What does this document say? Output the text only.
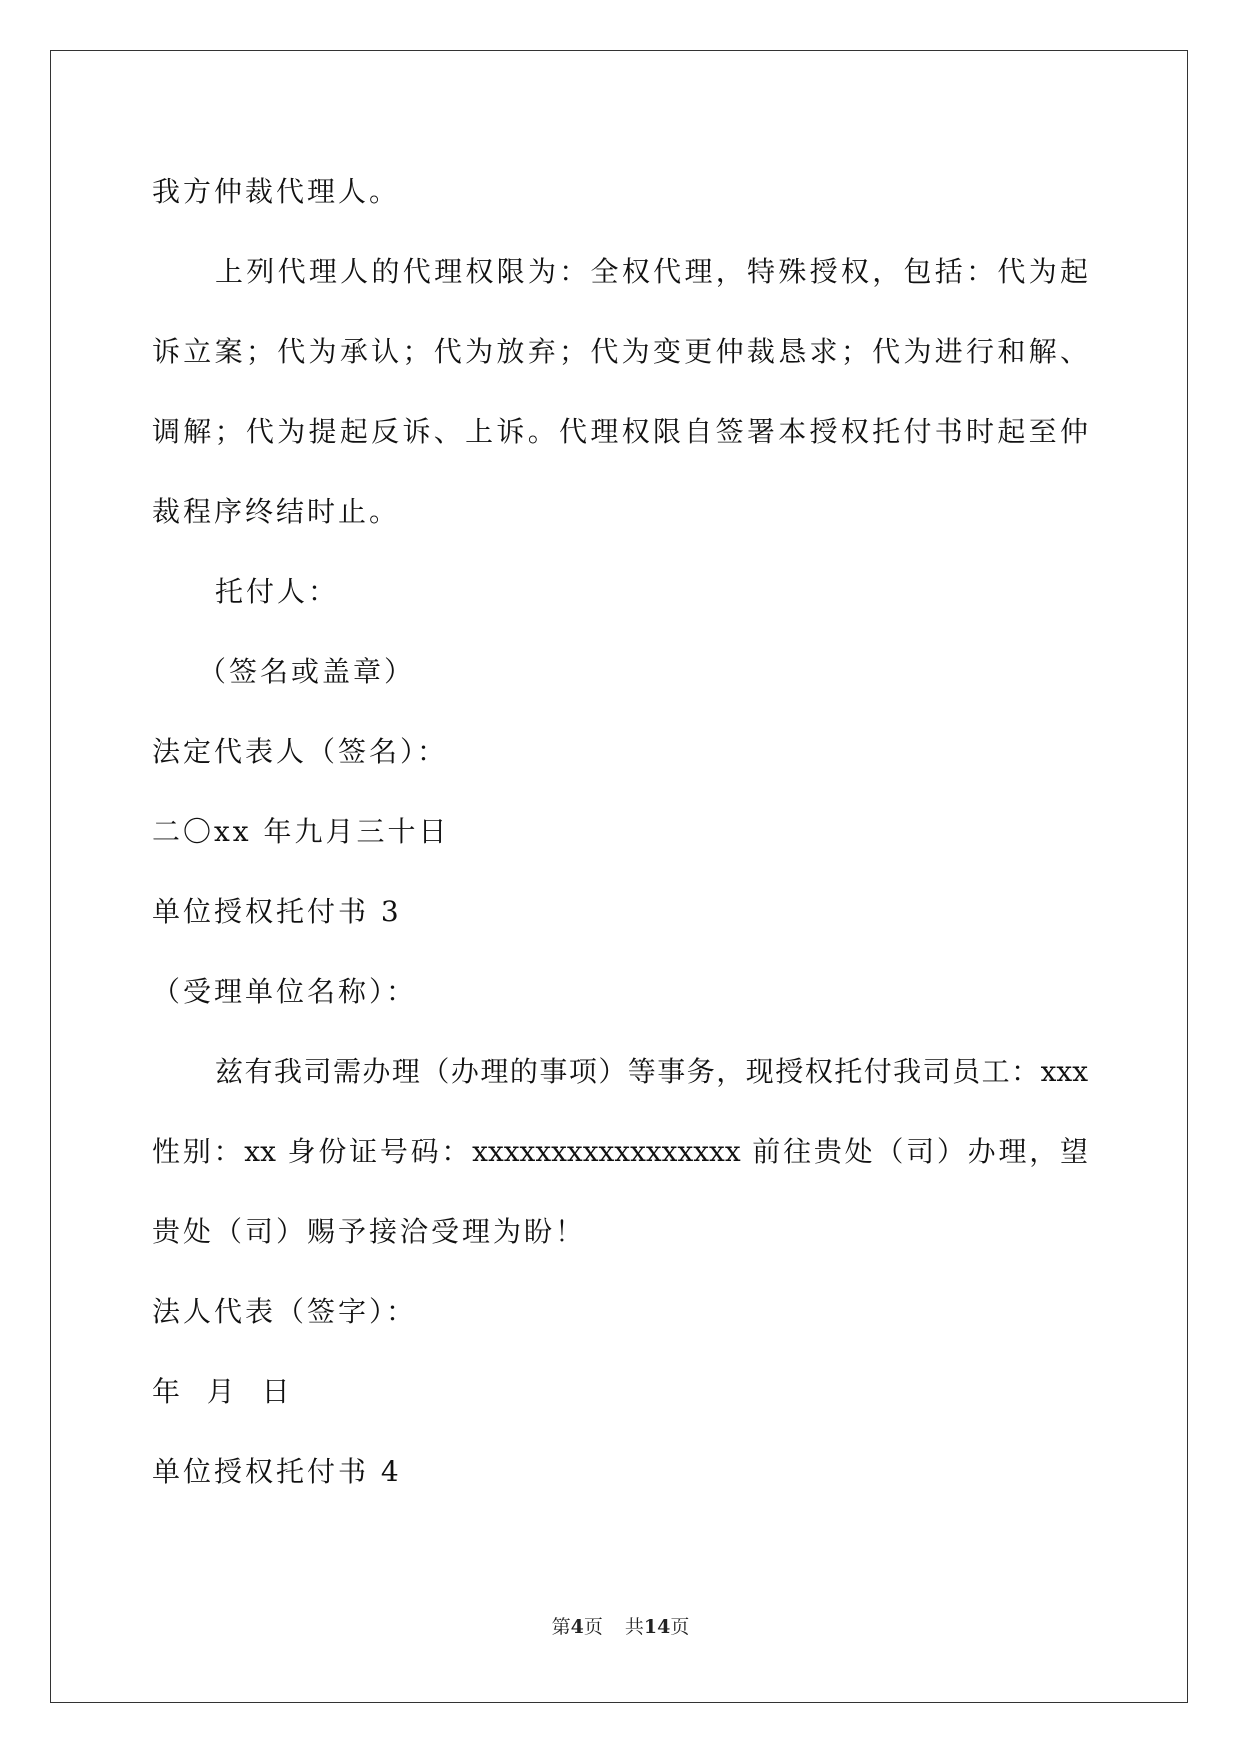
我方仲裁代理人。
上列代理人的代理权限为：全权代理，特殊授权，包括：代为起
诉立案；代为承认；代为放弃；代为变更仲裁恳求；代为进行和解、
调解；代为提起反诉、上诉。代理权限自签署本授权托付书时起至仲
裁程序终结时止。
托付人：
（签名或盖章）
法定代表人（签名）：
二〇xx 年九月三十日
单位授权托付书 3
（受理单位名称）：
兹有我司需办理（办理的事项）等事务，现授权托付我司员工：xxx
性别：xx 身份证号码：xxxxxxxxxxxxxxxxx 前往贵处（司）办理，望
贵处（司）赐予接洽受理为盼！
法人代表（签字）：
年  月  日
单位授权托付书 4
第4页 共14页
